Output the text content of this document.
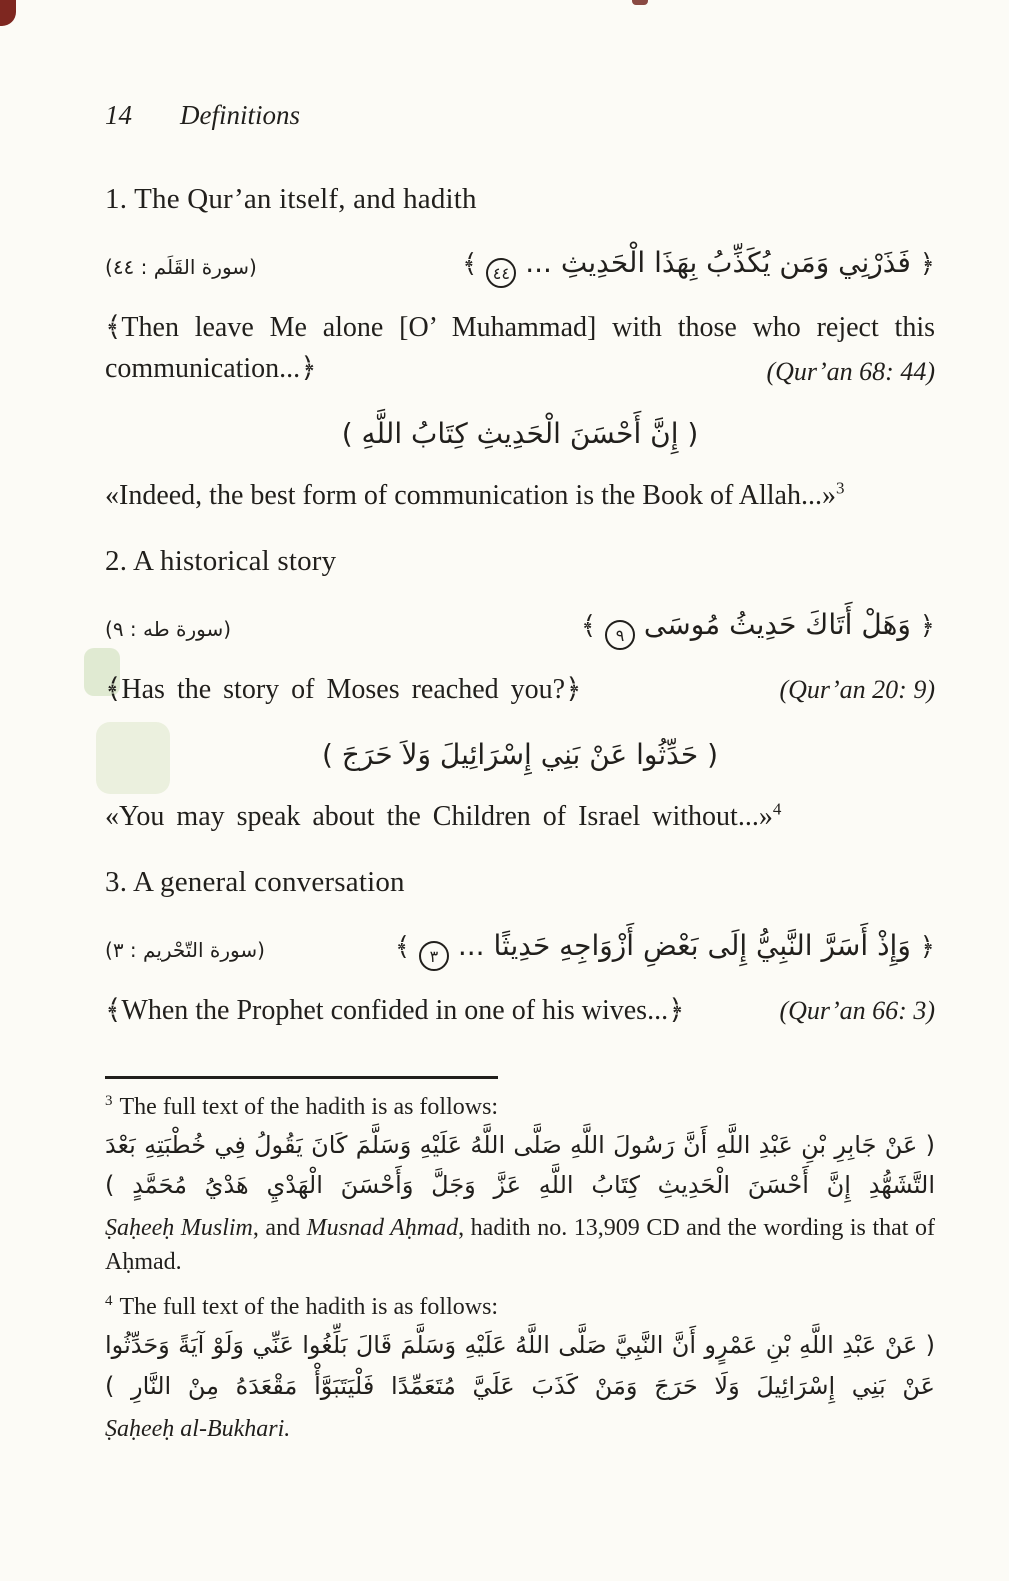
14 Definitions
1. The Qur’an itself, and hadith
(سورة القَلَم : ٤٤)	﴿ فَذَرْنِي وَمَن يُكَذِّبُ بِهَذَا الْحَدِيثِ ... ٤٤ ﴾

﴾Then leave Me alone [O’ Muhammad] with those who reject this communication...﴿	(Qur’an 68: 44)

( إِنَّ أَحْسَنَ الْحَدِيثِ كِتَابُ اللَّهِ )

«Indeed, the best form of communication is the Book of Allah...»$^3$

2. A historical story
(سورة طه : ٩)	﴿ وَهَلْ أَتَاكَ حَدِيثُ مُوسَى ٩ ﴾

﴾Has the story of Moses reached you?﴿	(Qur’an 20: 9)

( حَدِّثُوا عَنْ بَنِي إِسْرَائِيلَ وَلاَ حَرَجَ )

«You may speak about the Children of Israel without...»$^4$

3. A general conversation
(سورة التّحْريم : ٣)	﴿ وَإِذْ أَسَرَّ النَّبِيُّ إِلَى بَعْضِ أَزْوَاجِهِ حَدِيثًا ... ٣ ﴾

﴾When the Prophet confided in one of his wives...﴿	(Qur’an 66: 3)

$^3$ The full text of the hadith is as follows:

( عَنْ جَابِرِ بْنِ عَبْدِ اللَّهِ أَنَّ رَسُولَ اللَّهِ صَلَّى اللَّهُ عَلَيْهِ وَسَلَّمَ كَانَ يَقُولُ فِي خُطْبَتِهِ بَعْدَ التَّشَهُّدِ إِنَّ أَحْسَنَ الْحَدِيثِ كِتَابُ اللَّهِ عَزَّ وَجَلَّ وَأَحْسَنَ الْهَدْيِ هَدْيُ مُحَمَّدٍ )

Ṣaḥeeḥ Muslim, and Musnad Aḥmad, hadith no. 13,909 CD and the wording is that of Aḥmad.

$^4$ The full text of the hadith is as follows:

( عَنْ عَبْدِ اللَّهِ بْنِ عَمْرٍو أَنَّ النَّبِيَّ صَلَّى اللَّهُ عَلَيْهِ وَسَلَّمَ قَالَ بَلِّغُوا عَنِّي وَلَوْ آيَةً وَحَدِّثُوا عَنْ بَنِي إِسْرَائِيلَ وَلَا حَرَجَ وَمَنْ كَذَبَ عَلَيَّ مُتَعَمِّدًا فَلْيَتَبَوَّأْ مَقْعَدَهُ مِنْ النَّارِ )

Ṣaḥeeḥ al-Bukhari.
